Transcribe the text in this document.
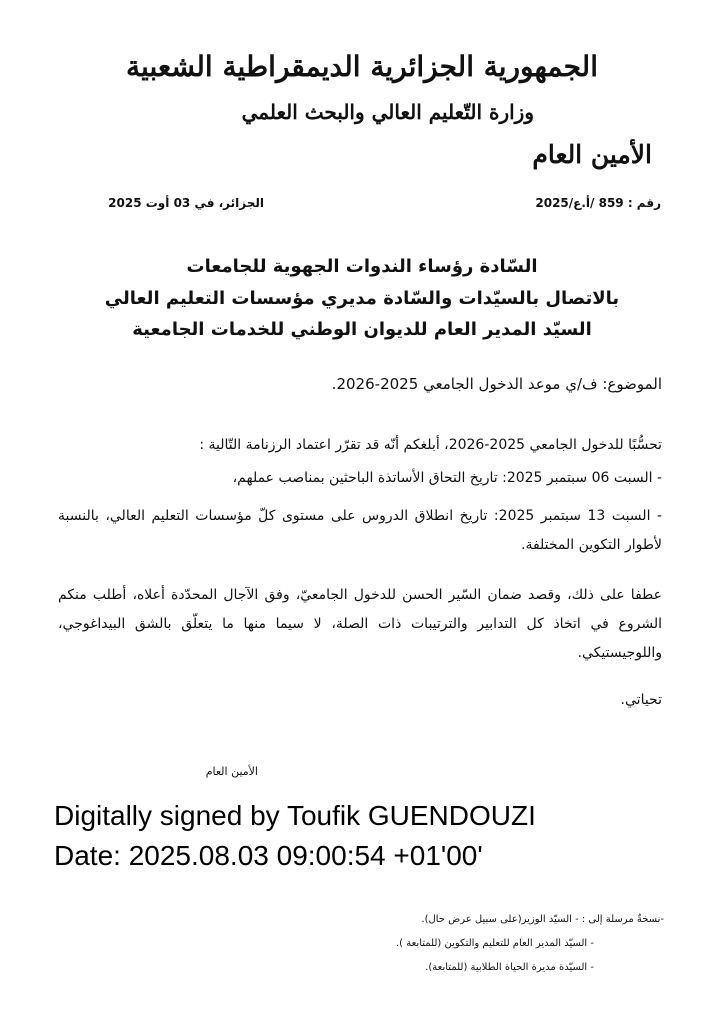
الجمهورية الجزائرية الديمقراطية الشعبية
وزارة التّعليم العالي والبحث العلمي
الأمين العام
رقم : 859 /أ.ع/2025
الجزائر، في 03 أوت 2025
السّادة رؤساء الندوات الجهوية للجامعات
بالاتصال بالسيّدات والسّادة مديري مؤسسات التعليم العالي
السيّد المدير العام للديوان الوطني للخدمات الجامعية
الموضوع: ف/ي موعد الدخول الجامعي 2025-2026.
تحسُّبًا للدخول الجامعي 2025-2026، أبلغكم أنّه قد تقرّر اعتماد الرزنامة التّالية :
- السبت 06 سبتمبر 2025: تاريخ التحاق الأساتذة الباحثين بمناصب عملهم،
- السبت 13 سبتمبر 2025: تاريخ انطلاق الدروس على مستوى كلّ مؤسسات التعليم العالي، بالنسبة لأطوار التكوين المختلفة.
عطفا على ذلك، وقصد ضمان السّير الحسن للدخول الجامعيّ، وفق الآجال المحدّدة أعلاه، أطلب منكم الشروع في اتخاذ كل التدابير والترتيبات ذات الصلة، لا سيما منها ما يتعلّق بالشق البيداغوجي، واللوجيستيكي.
تحياتي.
الأمين العام
Digitally signed by Toufik GUENDOUZI
Date: 2025.08.03 09:00:54 +01'00'
-نسخةٌ مرسلة إلى : - السيّد الوزير(على سبيل عرض حال).
- السيّد المدير العام للتعليم والتكوين (للمتابعة ).
- السيّدة مديرة الحياة الطلابية (للمتابعة).
